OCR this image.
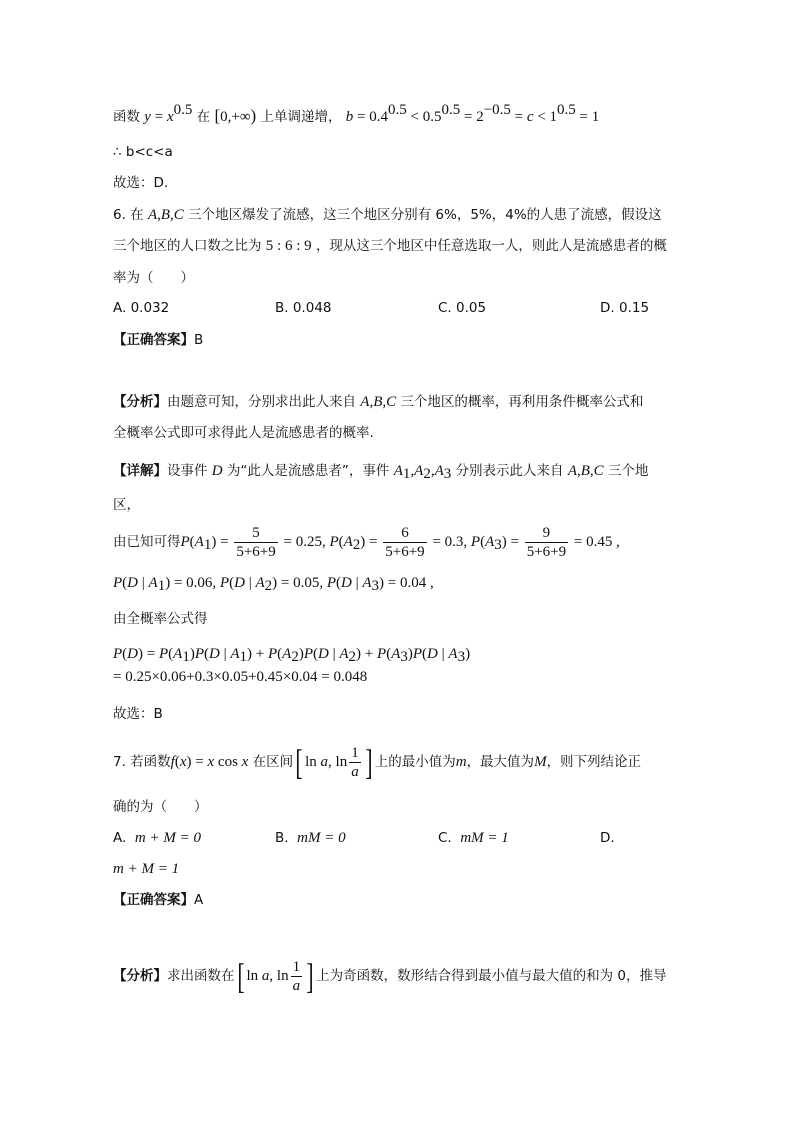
函数 $y = x^{0.5}$ 在 [0,+∞) 上单调递增， $b = 0.4^{0.5} < 0.5^{0.5} = 2^{-0.5} = c < 1^{0.5} = 1$
∴ b<c<a
故选：D.
6. 在 A,B,C 三个地区爆发了流感，这三个地区分别有 6%，5%，4%的人患了流感，假设这
三个地区的人口数之比为 5 : 6 : 9 ，现从这三个地区中任意选取一人，则此人是流感患者的概
率为（　　）
A. 0.032	B. 0.048	C. 0.05	D. 0.15
【正确答案】B
【分析】由题意可知，分别求出此人来自 A,B,C 三个地区的概率，再利用条件概率公式和
全概率公式即可求得此人是流感患者的概率.
【详解】设事件 D 为“此人是流感患者”，事件 $A_1,A_2,A_3$ 分别表示此人来自 A,B,C 三个地
区，
由已知可得$P(A_1) = \frac{5}{5+6+9} = 0.25$, $P(A_2) = \frac{6}{5+6+9} = 0.3$, $P(A_3) = \frac{9}{5+6+9} = 0.45$ ,
P(D | $A_1) = 0.06$, P(D | $A_2) = 0.05$, P(D | $A_3) = 0.04$ ,
由全概率公式得
$P(D) = P(A_1)P(D$ | $A_1) + P(A_2)P(D$ | $A_2) + P(A_3)P(D$ | $A_3$)
= 0.25×0.06+0.3×0.05+0.45×0.04 = 0.048
故选：B
7. 若函数f(x) = x cos x 在区间[ ln a, $\ln \frac{1}{a}$ ] 上的最小值为m，最大值为M，则下列结论正
确的为（　　）
A. m + M = 0	B. mM = 0	C. mM = 1	D.
m + M = 1
【正确答案】A
【分析】求出函数在[ ln a, $\ln \frac{1}{a}$ ] 上为奇函数，数形结合得到最小值与最大值的和为 0，推导
